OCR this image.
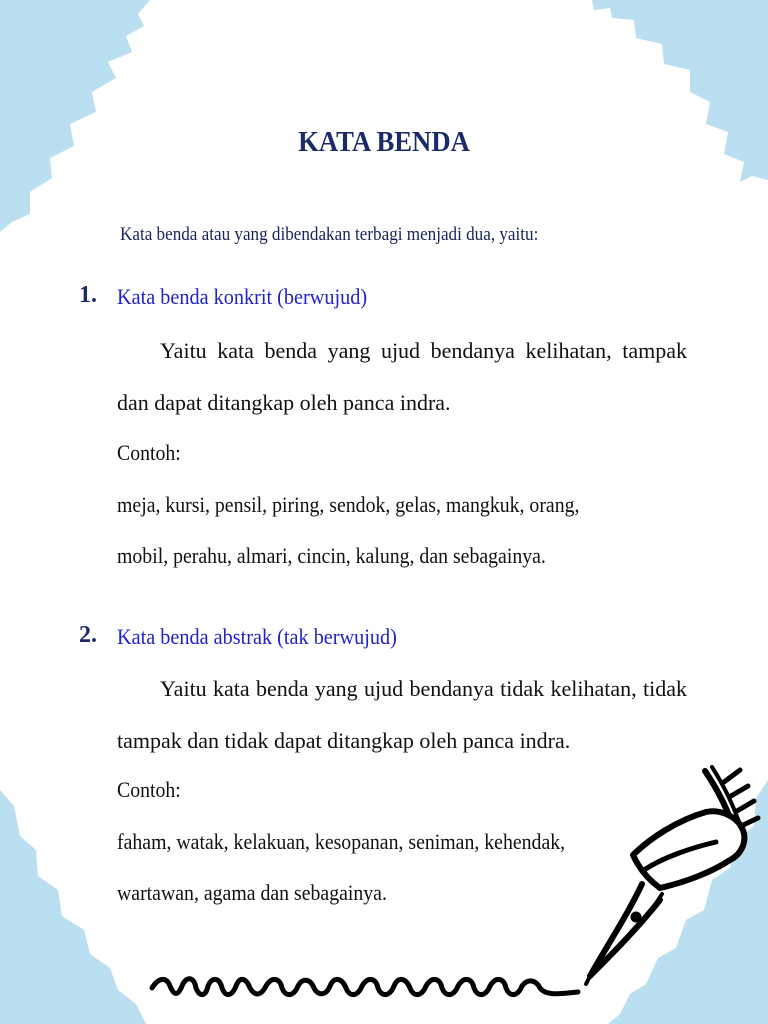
KATA BENDA
Kata benda atau yang dibendakan terbagi menjadi dua, yaitu:
1. Kata benda konkrit (berwujud)
Yaitu kata benda yang ujud bendanya kelihatan, tampak dan dapat ditangkap oleh panca indra.
Contoh:
meja, kursi, pensil, piring, sendok, gelas, mangkuk, orang,
mobil, perahu, almari, cincin, kalung, dan sebagainya.
2. Kata benda abstrak (tak berwujud)
Yaitu kata benda yang ujud bendanya tidak kelihatan, tidak tampak dan tidak dapat ditangkap oleh panca indra.
Contoh:
faham, watak, kelakuan, kesopanan, seniman, kehendak,
wartawan, agama dan sebagainya.
